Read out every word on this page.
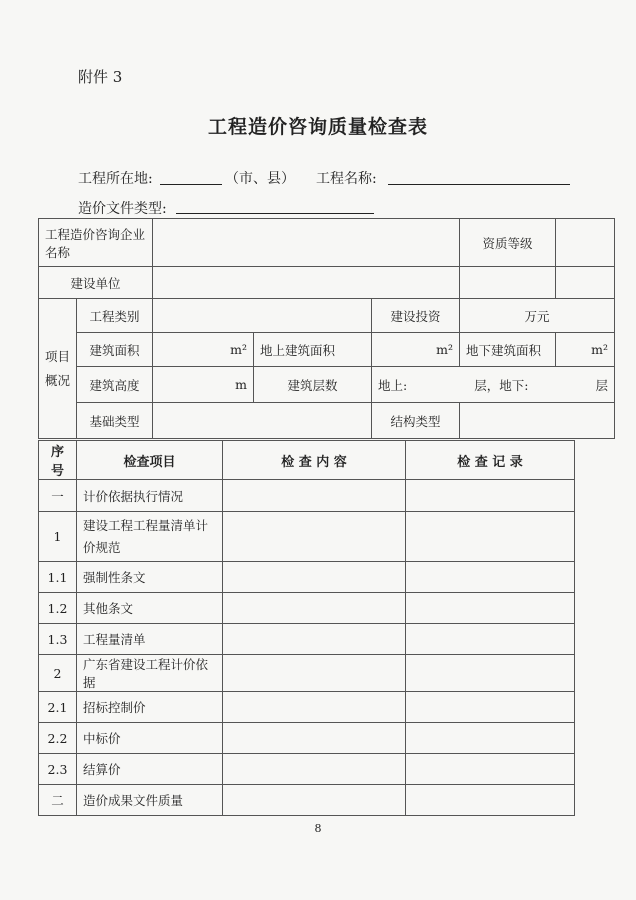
附件 3
工程造价咨询质量检查表
工程所在地:	（市、县） 工程名称:
造价文件类型:
工程造价咨询企业名称					资质等级	
建设单位						
项目概况	工程类别			建设投资	万元	
	建筑面积	m²	地上建筑面积	m²	地下建筑面积	m²
	建筑高度	m	建筑层数	地上: 层，地下: 层		

	基础类型			结构类型		
序号	检查项目	检 查 内 容	检 查 记 录
一	计价依据执行情况		
1	建设工程工程量清单计价规范		
1.1	强制性条文		
1.2	其他条文		
1.3	工程量清单		
2	广东省建设工程计价依据		
2.1	招标控制价		
2.2	中标价		
2.3	结算价		
二	造价成果文件质量		
8
